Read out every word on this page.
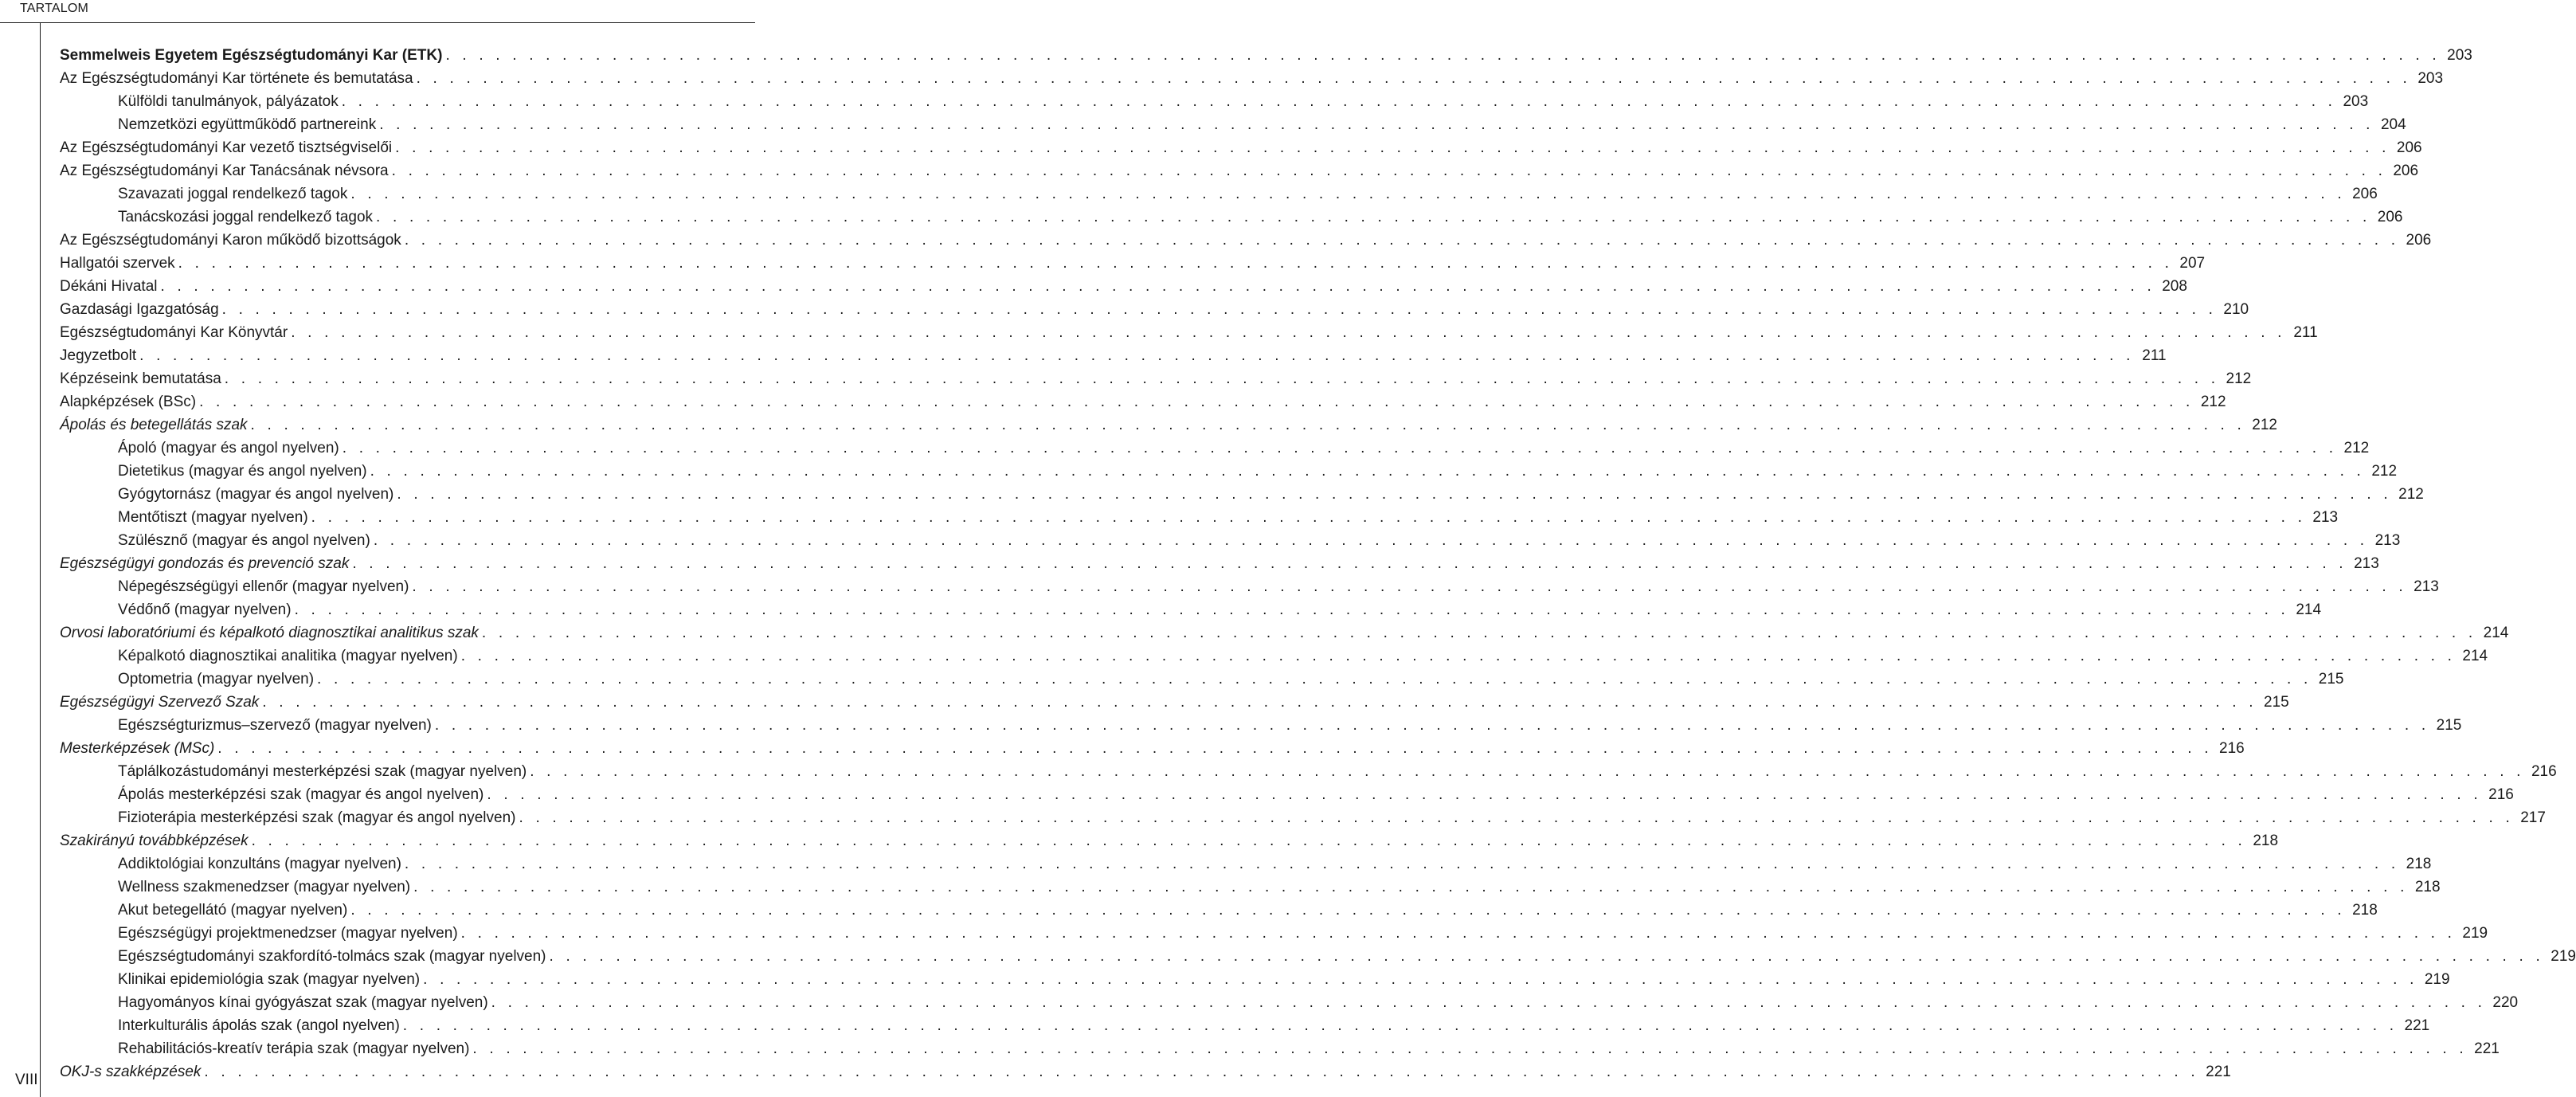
TARTALOM
VIII
Semmelweis Egyetem Egészségtudományi Kar (ETK) . . . . . . . . . . . . . . . . . . . . . . . . . . . . . . . . . . . . . . . . . . . . . . . . . . . . . . . . . . . . . . . . . . . . . . . . . . . . . . . . . . . . . . . . . . . . . . . . . . . . . . . . . . . . . . . . . . . . . . . . 203
Az Egészségtudományi Kar története és bemutatása . . . . . . . . . . . . . . . . . . . . . . . . . . . . . . . . . . . . . . . . . . . . . . . . . . . . . . . . . . . . . . . . . . . . . . . . . . . . . . . . . . . . . . . . . . . . . . . . . . . . . . . . . . . . . . . . . . . . . . . . 203
Külföldi tanulmányok, pályázatok . . . . . . . . . . . . . . . . . . . . . . . . . . . . . . . . . . . . . . . . . . . . . . . . . . . . . . . . . . . . . . . . . . . . . . . . . . . . . . . . . . . . . . . . . . . . . . . . . . . . . . . . . . . . . . . . . . . . . . . . 203
Nemzetközi együttműködő partnereink . . . . . . . . . . . . . . . . . . . . . . . . . . . . . . . . . . . . . . . . . . . . . . . . . . . . . . . . . . . . . . . . . . . . . . . . . . . . . . . . . . . . . . . . . . . . . . . . . . . . . . . . . . . . . . . . . . . . . . . . 204
Az Egészségtudományi Kar vezető tisztségviselői . . . . . . . . . . . . . . . . . . . . . . . . . . . . . . . . . . . . . . . . . . . . . . . . . . . . . . . . . . . . . . . . . . . . . . . . . . . . . . . . . . . . . . . . . . . . . . . . . . . . . . . . . . . . . . . . . . . . . . . . 206
Az Egészségtudományi Kar Tanácsának névsora . . . . . . . . . . . . . . . . . . . . . . . . . . . . . . . . . . . . . . . . . . . . . . . . . . . . . . . . . . . . . . . . . . . . . . . . . . . . . . . . . . . . . . . . . . . . . . . . . . . . . . . . . . . . . . . . . . . . . . . . 206
Szavazati joggal rendelkező tagok . . . . . . . . . . . . . . . . . . . . . . . . . . . . . . . . . . . . . . . . . . . . . . . . . . . . . . . . . . . . . . . . . . . . . . . . . . . . . . . . . . . . . . . . . . . . . . . . . . . . . . . . . . . . . . . . . . . . . . . . 206
Tanácskozási joggal rendelkező tagok . . . . . . . . . . . . . . . . . . . . . . . . . . . . . . . . . . . . . . . . . . . . . . . . . . . . . . . . . . . . . . . . . . . . . . . . . . . . . . . . . . . . . . . . . . . . . . . . . . . . . . . . . . . . . . . . . . . . . . . . 206
Az Egészségtudományi Karon működő bizottságok . . . . . . . . . . . . . . . . . . . . . . . . . . . . . . . . . . . . . . . . . . . . . . . . . . . . . . . . . . . . . . . . . . . . . . . . . . . . . . . . . . . . . . . . . . . . . . . . . . . . . . . . . . . . . . . . . . . . . . . . 206
Hallgatói szervek . . . . . . . . . . . . . . . . . . . . . . . . . . . . . . . . . . . . . . . . . . . . . . . . . . . . . . . . . . . . . . . . . . . . . . . . . . . . . . . . . . . . . . . . . . . . . . . . . . . . . . . . . . . . . . . . . . . . . . . . 207
Dékáni Hivatal . . . . . . . . . . . . . . . . . . . . . . . . . . . . . . . . . . . . . . . . . . . . . . . . . . . . . . . . . . . . . . . . . . . . . . . . . . . . . . . . . . . . . . . . . . . . . . . . . . . . . . . . . . . . . . . . . . . . . . . . 208
Gazdasági Igazgatóság . . . . . . . . . . . . . . . . . . . . . . . . . . . . . . . . . . . . . . . . . . . . . . . . . . . . . . . . . . . . . . . . . . . . . . . . . . . . . . . . . . . . . . . . . . . . . . . . . . . . . . . . . . . . . . . . . . . . . . . . 210
Egészségtudományi Kar Könyvtár . . . . . . . . . . . . . . . . . . . . . . . . . . . . . . . . . . . . . . . . . . . . . . . . . . . . . . . . . . . . . . . . . . . . . . . . . . . . . . . . . . . . . . . . . . . . . . . . . . . . . . . . . . . . . . . . . . . . . . . . 211
Jegyzetbolt . . . . . . . . . . . . . . . . . . . . . . . . . . . . . . . . . . . . . . . . . . . . . . . . . . . . . . . . . . . . . . . . . . . . . . . . . . . . . . . . . . . . . . . . . . . . . . . . . . . . . . . . . . . . . . . . . . . . . . . . 211
Képzéseink bemutatása . . . . . . . . . . . . . . . . . . . . . . . . . . . . . . . . . . . . . . . . . . . . . . . . . . . . . . . . . . . . . . . . . . . . . . . . . . . . . . . . . . . . . . . . . . . . . . . . . . . . . . . . . . . . . . . . . . . . . . . . 212
Alapképzések (BSc) . . . . . . . . . . . . . . . . . . . . . . . . . . . . . . . . . . . . . . . . . . . . . . . . . . . . . . . . . . . . . . . . . . . . . . . . . . . . . . . . . . . . . . . . . . . . . . . . . . . . . . . . . . . . . . . . . . . . . . . . 212
Ápolás és betegellátás szak . . . . . . . . . . . . . . . . . . . . . . . . . . . . . . . . . . . . . . . . . . . . . . . . . . . . . . . . . . . . . . . . . . . . . . . . . . . . . . . . . . . . . . . . . . . . . . . . . . . . . . . . . . . . . . . . . . . . . . . . 212
Ápoló (magyar és angol nyelven) . . . . . . . . . . . . . . . . . . . . . . . . . . . . . . . . . . . . . . . . . . . . . . . . . . . . . . . . . . . . . . . . . . . . . . . . . . . . . . . . . . . . . . . . . . . . . . . . . . . . . . . . . . . . . . . . . . . . . . . . 212
Dietetikus (magyar és angol nyelven) . . . . . . . . . . . . . . . . . . . . . . . . . . . . . . . . . . . . . . . . . . . . . . . . . . . . . . . . . . . . . . . . . . . . . . . . . . . . . . . . . . . . . . . . . . . . . . . . . . . . . . . . . . . . . . . . . . . . . . . . 212
Gyógytornász (magyar és angol nyelven) . . . . . . . . . . . . . . . . . . . . . . . . . . . . . . . . . . . . . . . . . . . . . . . . . . . . . . . . . . . . . . . . . . . . . . . . . . . . . . . . . . . . . . . . . . . . . . . . . . . . . . . . . . . . . . . . . . . . . . . . 212
Mentőtiszt (magyar nyelven) . . . . . . . . . . . . . . . . . . . . . . . . . . . . . . . . . . . . . . . . . . . . . . . . . . . . . . . . . . . . . . . . . . . . . . . . . . . . . . . . . . . . . . . . . . . . . . . . . . . . . . . . . . . . . . . . . . . . . . . . 213
Szülésznő (magyar és angol nyelven) . . . . . . . . . . . . . . . . . . . . . . . . . . . . . . . . . . . . . . . . . . . . . . . . . . . . . . . . . . . . . . . . . . . . . . . . . . . . . . . . . . . . . . . . . . . . . . . . . . . . . . . . . . . . . . . . . . . . . . . . 213
Egészségügyi gondozás és prevenció szak . . . . . . . . . . . . . . . . . . . . . . . . . . . . . . . . . . . . . . . . . . . . . . . . . . . . . . . . . . . . . . . . . . . . . . . . . . . . . . . . . . . . . . . . . . . . . . . . . . . . . . . . . . . . . . . . . . . . . . . . 213
Népegészségügyi ellenőr (magyar nyelven) . . . . . . . . . . . . . . . . . . . . . . . . . . . . . . . . . . . . . . . . . . . . . . . . . . . . . . . . . . . . . . . . . . . . . . . . . . . . . . . . . . . . . . . . . . . . . . . . . . . . . . . . . . . . . . . . . . . . . . . . 213
Védőnő (magyar nyelven) . . . . . . . . . . . . . . . . . . . . . . . . . . . . . . . . . . . . . . . . . . . . . . . . . . . . . . . . . . . . . . . . . . . . . . . . . . . . . . . . . . . . . . . . . . . . . . . . . . . . . . . . . . . . . . . . . . . . . . . . 214
Orvosi laboratóriumi és képalkotó diagnosztikai analitikus szak . . . . . . . . . . . . . . . . . . . . . . . . . . . . . . . . . . . . . . . . . . . . . . . . . . . . . . . . . . . . . . . . . . . . . . . . . . . . . . . . . . . . . . . . . . . . . . . . . . . . . . . . . . . . . . . . . . . . . . . . 214
Képalkotó diagnosztikai analitika (magyar nyelven) . . . . . . . . . . . . . . . . . . . . . . . . . . . . . . . . . . . . . . . . . . . . . . . . . . . . . . . . . . . . . . . . . . . . . . . . . . . . . . . . . . . . . . . . . . . . . . . . . . . . . . . . . . . . . . . . . . . . . . . . 214
Optometria (magyar nyelven) . . . . . . . . . . . . . . . . . . . . . . . . . . . . . . . . . . . . . . . . . . . . . . . . . . . . . . . . . . . . . . . . . . . . . . . . . . . . . . . . . . . . . . . . . . . . . . . . . . . . . . . . . . . . . . . . . . . . . . . . 215
Egészségügyi Szervező Szak . . . . . . . . . . . . . . . . . . . . . . . . . . . . . . . . . . . . . . . . . . . . . . . . . . . . . . . . . . . . . . . . . . . . . . . . . . . . . . . . . . . . . . . . . . . . . . . . . . . . . . . . . . . . . . . . . . . . . . . . 215
Egészségturizmus–szervező (magyar nyelven) . . . . . . . . . . . . . . . . . . . . . . . . . . . . . . . . . . . . . . . . . . . . . . . . . . . . . . . . . . . . . . . . . . . . . . . . . . . . . . . . . . . . . . . . . . . . . . . . . . . . . . . . . . . . . . . . . . . . . . . . 215
Mesterképzések (MSc) . . . . . . . . . . . . . . . . . . . . . . . . . . . . . . . . . . . . . . . . . . . . . . . . . . . . . . . . . . . . . . . . . . . . . . . . . . . . . . . . . . . . . . . . . . . . . . . . . . . . . . . . . . . . . . . . . . . . . . . . 216
Táplálkozástudományi mesterképzési szak (magyar nyelven) . . . . . . . . . . . . . . . . . . . . . . . . . . . . . . . . . . . . . . . . . . . . . . . . . . . . . . . . . . . . . . . . . . . . . . . . . . . . . . . . . . . . . . . . . . . . . . . . . . . . . . . . . . . . . . . . . . . . . . . . 216
Ápolás mesterképzési szak (magyar és angol nyelven) . . . . . . . . . . . . . . . . . . . . . . . . . . . . . . . . . . . . . . . . . . . . . . . . . . . . . . . . . . . . . . . . . . . . . . . . . . . . . . . . . . . . . . . . . . . . . . . . . . . . . . . . . . . . . . . . . . . . . . . . 216
Fizioterápia mesterképzési szak (magyar és angol nyelven) . . . . . . . . . . . . . . . . . . . . . . . . . . . . . . . . . . . . . . . . . . . . . . . . . . . . . . . . . . . . . . . . . . . . . . . . . . . . . . . . . . . . . . . . . . . . . . . . . . . . . . . . . . . . . . . . . . . . . . . . 217
Szakirányú továbbképzések . . . . . . . . . . . . . . . . . . . . . . . . . . . . . . . . . . . . . . . . . . . . . . . . . . . . . . . . . . . . . . . . . . . . . . . . . . . . . . . . . . . . . . . . . . . . . . . . . . . . . . . . . . . . . . . . . . . . . . . . 218
Addiktológiai konzultáns (magyar nyelven) . . . . . . . . . . . . . . . . . . . . . . . . . . . . . . . . . . . . . . . . . . . . . . . . . . . . . . . . . . . . . . . . . . . . . . . . . . . . . . . . . . . . . . . . . . . . . . . . . . . . . . . . . . . . . . . . . . . . . . . . 218
Wellness szakmenedzser (magyar nyelven) . . . . . . . . . . . . . . . . . . . . . . . . . . . . . . . . . . . . . . . . . . . . . . . . . . . . . . . . . . . . . . . . . . . . . . . . . . . . . . . . . . . . . . . . . . . . . . . . . . . . . . . . . . . . . . . . . . . . . . . . 218
Akut betegellátó (magyar nyelven) . . . . . . . . . . . . . . . . . . . . . . . . . . . . . . . . . . . . . . . . . . . . . . . . . . . . . . . . . . . . . . . . . . . . . . . . . . . . . . . . . . . . . . . . . . . . . . . . . . . . . . . . . . . . . . . . . . . . . . . . 218
Egészségügyi projektmenedzser (magyar nyelven) . . . . . . . . . . . . . . . . . . . . . . . . . . . . . . . . . . . . . . . . . . . . . . . . . . . . . . . . . . . . . . . . . . . . . . . . . . . . . . . . . . . . . . . . . . . . . . . . . . . . . . . . . . . . . . . . . . . . . . . . 219
Egészségtudományi szakfordító-tolmács szak (magyar nyelven) . . . . . . . . . . . . . . . . . . . . . . . . . . . . . . . . . . . . . . . . . . . . . . . . . . . . . . . . . . . . . . . . . . . . . . . . . . . . . . . . . . . . . . . . . . . . . . . . . . . . . . . . . . . . . . . . . . . . . . . . 219
Klinikai epidemiológia szak (magyar nyelven) . . . . . . . . . . . . . . . . . . . . . . . . . . . . . . . . . . . . . . . . . . . . . . . . . . . . . . . . . . . . . . . . . . . . . . . . . . . . . . . . . . . . . . . . . . . . . . . . . . . . . . . . . . . . . . . . . . . . . . . . 219
Hagyományos kínai gyógyászat szak (magyar nyelven) . . . . . . . . . . . . . . . . . . . . . . . . . . . . . . . . . . . . . . . . . . . . . . . . . . . . . . . . . . . . . . . . . . . . . . . . . . . . . . . . . . . . . . . . . . . . . . . . . . . . . . . . . . . . . . . . . . . . . . . . 220
Interkulturális ápolás szak (angol nyelven) . . . . . . . . . . . . . . . . . . . . . . . . . . . . . . . . . . . . . . . . . . . . . . . . . . . . . . . . . . . . . . . . . . . . . . . . . . . . . . . . . . . . . . . . . . . . . . . . . . . . . . . . . . . . . . . . . . . . . . . . 221
Rehabilitációs-kreatív terápia szak (magyar nyelven) . . . . . . . . . . . . . . . . . . . . . . . . . . . . . . . . . . . . . . . . . . . . . . . . . . . . . . . . . . . . . . . . . . . . . . . . . . . . . . . . . . . . . . . . . . . . . . . . . . . . . . . . . . . . . . . . . . . . . . . . 221
OKJ-s szakképzések . . . . . . . . . . . . . . . . . . . . . . . . . . . . . . . . . . . . . . . . . . . . . . . . . . . . . . . . . . . . . . . . . . . . . . . . . . . . . . . . . . . . . . . . . . . . . . . . . . . . . . . . . . . . . . . . . . . . . . . . 221
